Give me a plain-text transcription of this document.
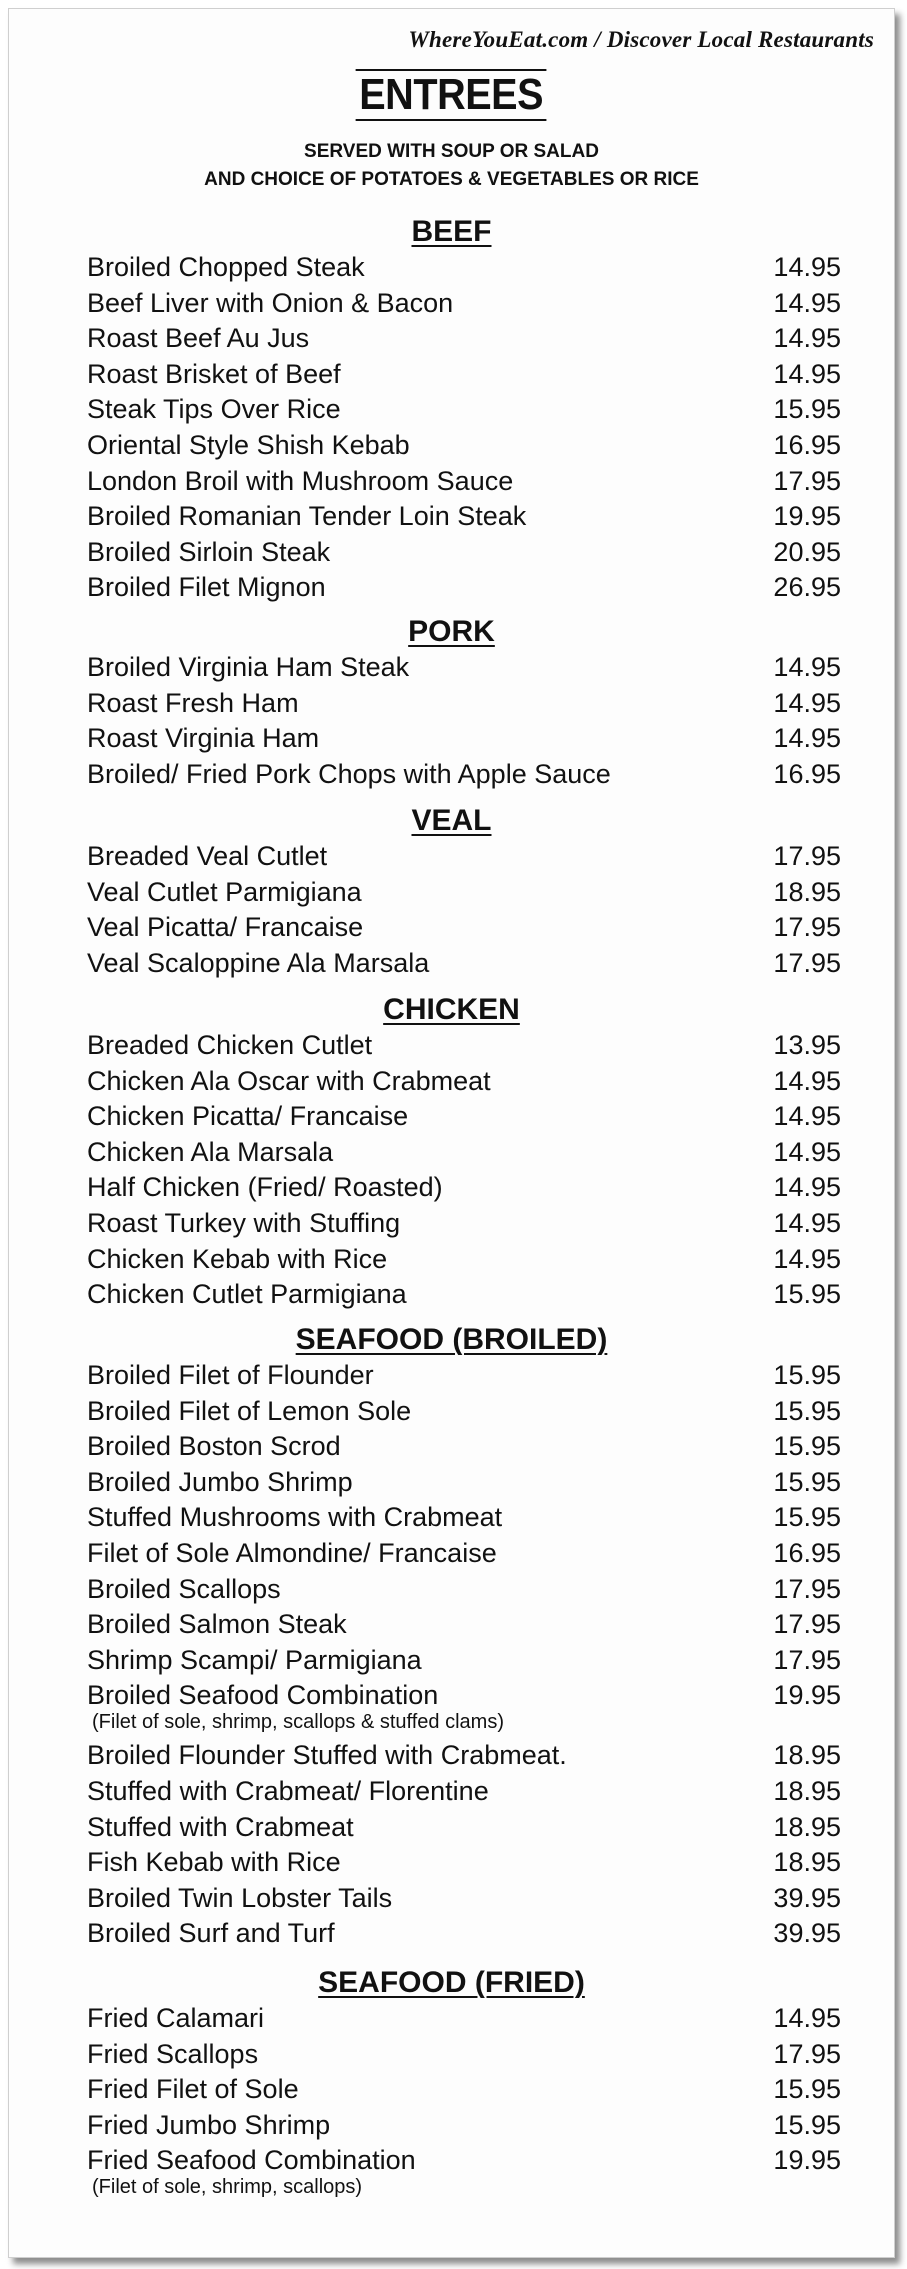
WhereYouEat.com / Discover Local Restaurants
ENTREES
SERVED WITH SOUP OR SALAD
AND CHOICE OF POTATOES & VEGETABLES OR RICE
BEEF
Broiled Chopped Steak	14.95
Beef Liver with Onion & Bacon	14.95
Roast Beef Au Jus	14.95
Roast Brisket of Beef	14.95
Steak Tips Over Rice	15.95
Oriental Style Shish Kebab	16.95
London Broil with Mushroom Sauce	17.95
Broiled Romanian Tender Loin Steak	19.95
Broiled Sirloin Steak	20.95
Broiled Filet Mignon	26.95
PORK
Broiled Virginia Ham Steak	14.95
Roast Fresh Ham	14.95
Roast Virginia Ham	14.95
Broiled/ Fried Pork Chops with Apple Sauce	16.95
VEAL
Breaded Veal Cutlet	17.95
Veal Cutlet Parmigiana	18.95
Veal Picatta/ Francaise	17.95
Veal Scaloppine Ala Marsala	17.95
CHICKEN
Breaded Chicken Cutlet	13.95
Chicken Ala Oscar with Crabmeat	14.95
Chicken Picatta/ Francaise	14.95
Chicken Ala Marsala	14.95
Half Chicken (Fried/ Roasted)	14.95
Roast Turkey with Stuffing	14.95
Chicken Kebab with Rice	14.95
Chicken Cutlet Parmigiana	15.95
SEAFOOD (BROILED)
Broiled Filet of Flounder	15.95
Broiled Filet of Lemon Sole	15.95
Broiled Boston Scrod	15.95
Broiled Jumbo Shrimp	15.95
Stuffed Mushrooms with Crabmeat	15.95
Filet of Sole Almondine/ Francaise	16.95
Broiled Scallops	17.95
Broiled Salmon Steak	17.95
Shrimp Scampi/ Parmigiana	17.95
Broiled Seafood Combination	19.95
(Filet of sole, shrimp, scallops & stuffed clams)
Broiled Flounder Stuffed with Crabmeat.	18.95
Stuffed with Crabmeat/ Florentine	18.95
Stuffed with Crabmeat	18.95
Fish Kebab with Rice	18.95
Broiled Twin Lobster Tails	39.95
Broiled Surf and Turf	39.95
SEAFOOD (FRIED)
Fried Calamari	14.95
Fried Scallops	17.95
Fried Filet of Sole	15.95
Fried Jumbo Shrimp	15.95
Fried Seafood Combination	19.95
(Filet of sole, shrimp, scallops)
